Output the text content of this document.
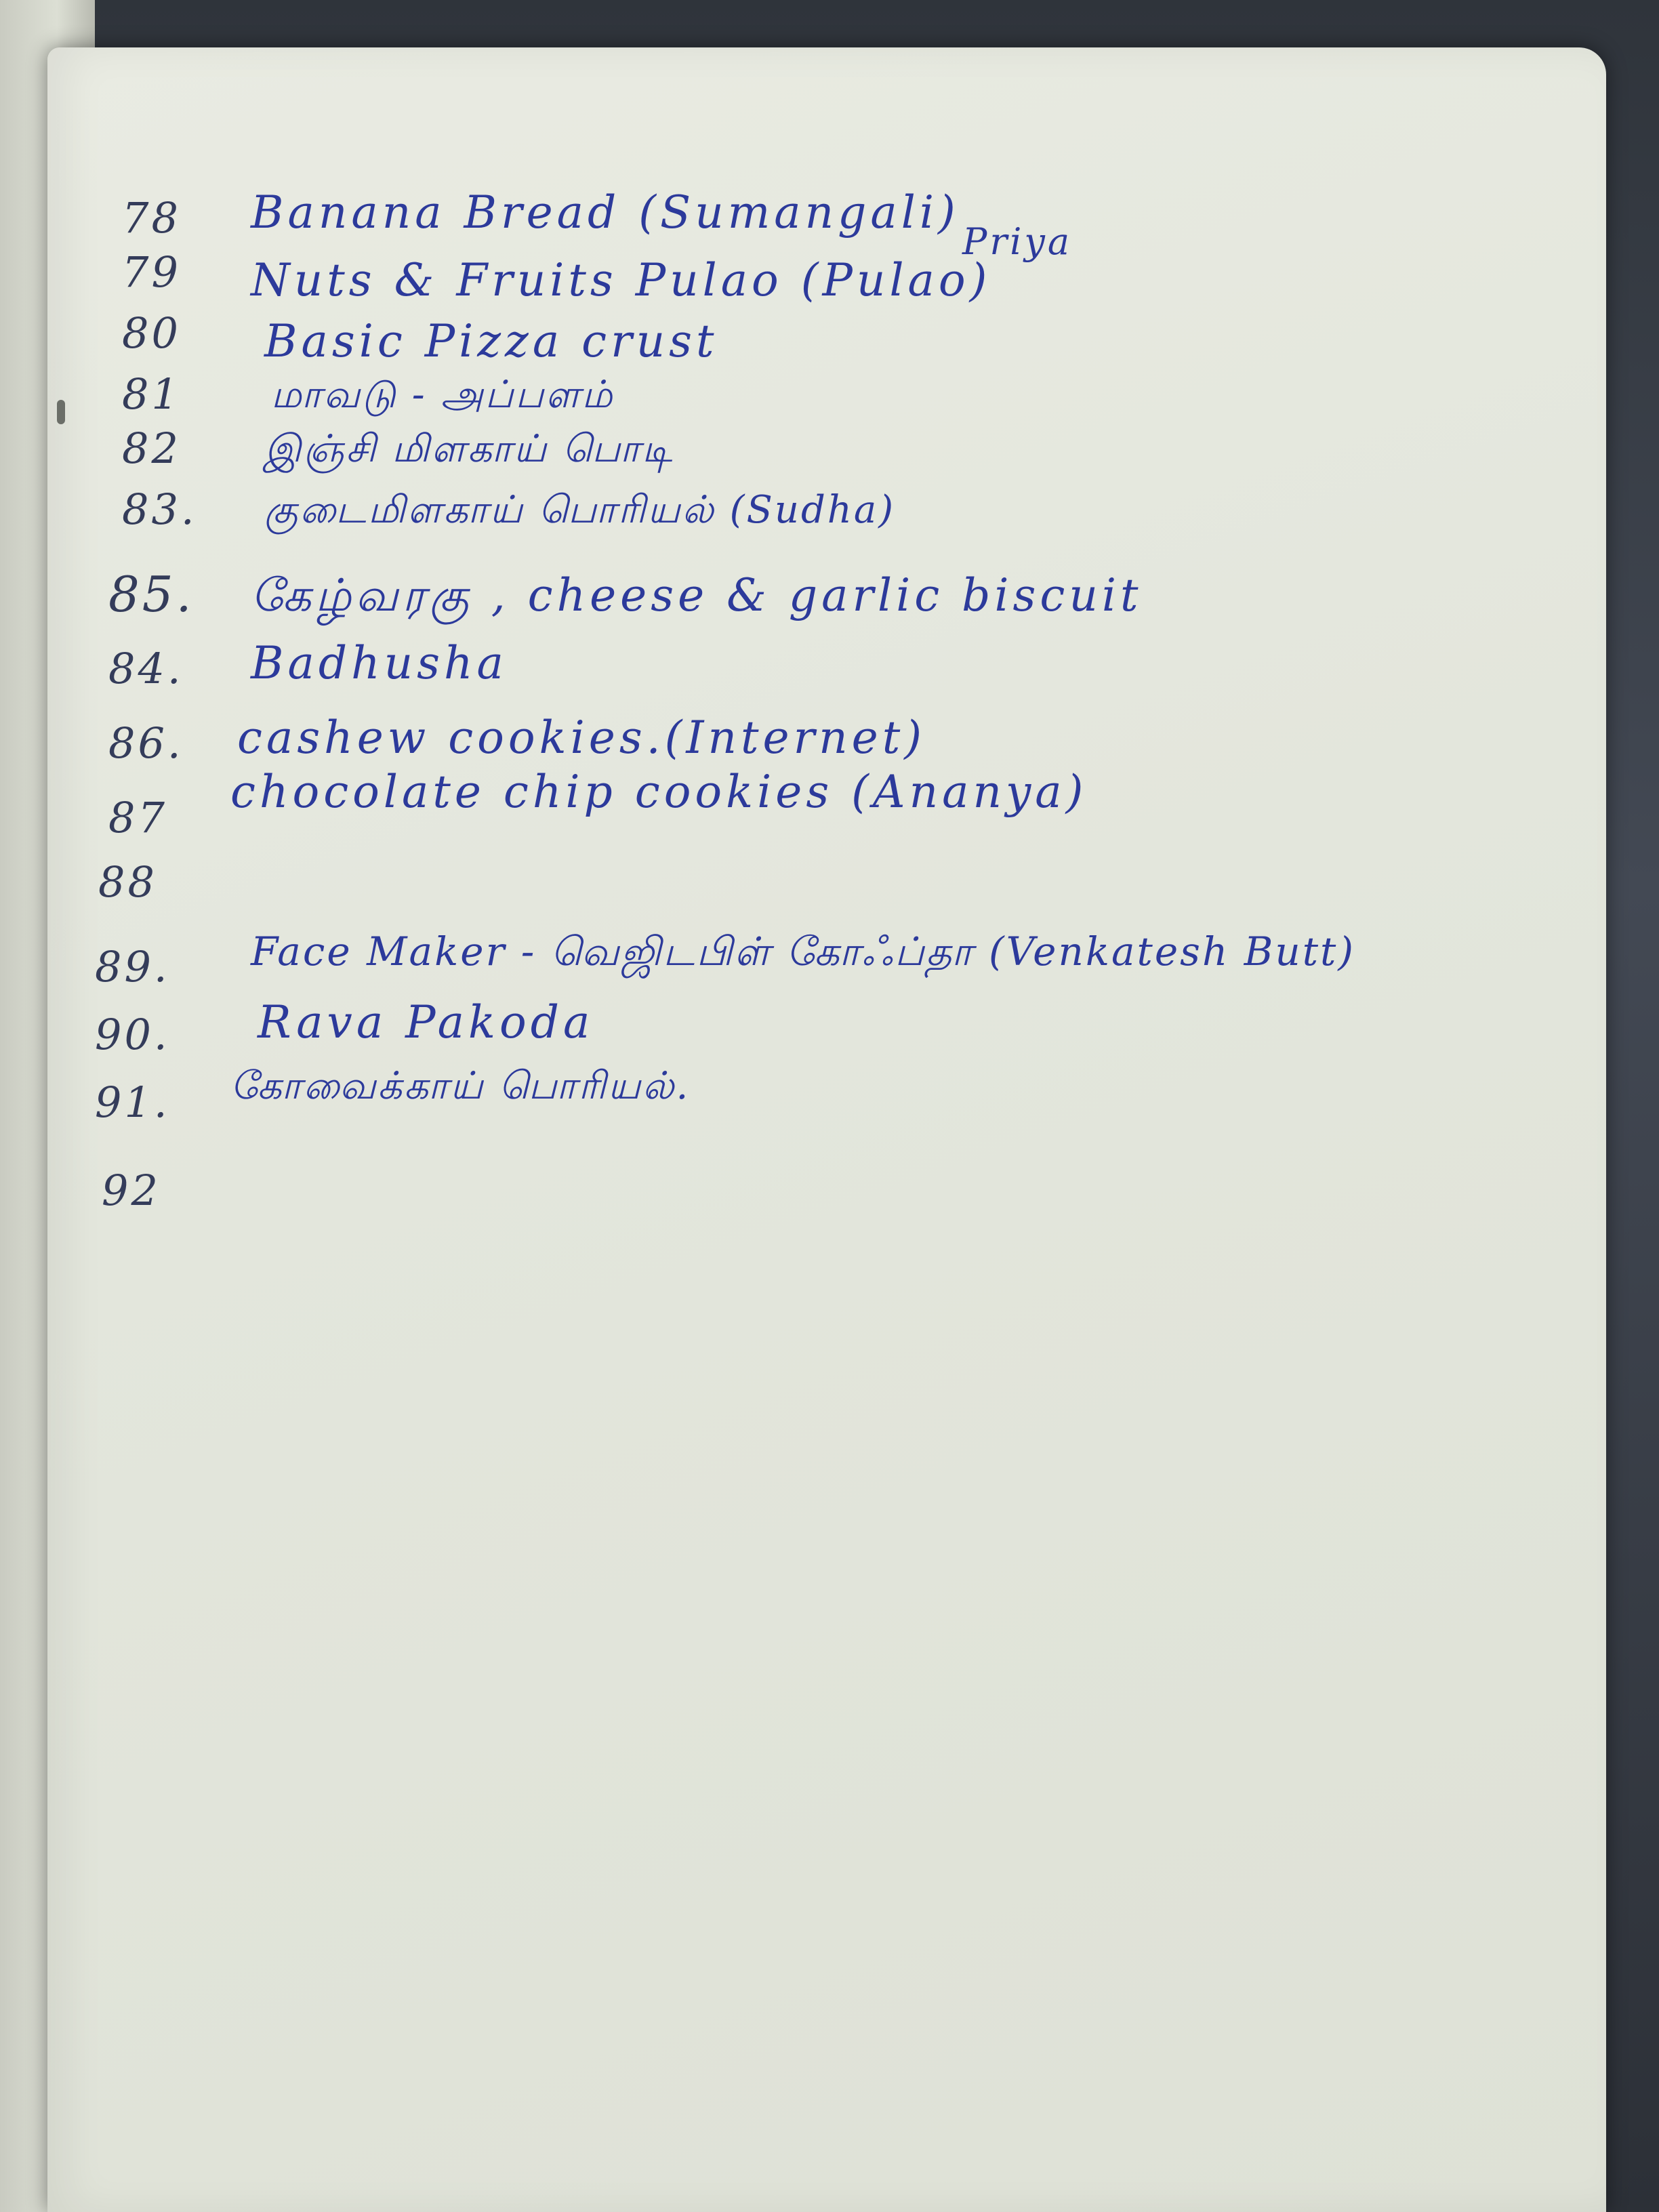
78 Banana Bread (Sumangali)
Priya
79 Nuts & Fruits Pulao (Pulao)
80 Basic Pizza crust
81 மாவடு - அப்பளம்
82 இஞ்சி மிளகாய் பொடி
83. குடைமிளகாய் பொரியல் (Sudha)
85. கேழ்வரகு , cheese & garlic biscuit
84. Badhusha
86. cashew cookies.(Internet)
87 chocolate chip cookies (Ananya)
88
89. Face Maker - வெஜிடபிள் கோஃப்தா (Venkatesh Butt)
90. Rava Pakoda
91. கோவைக்காய் பொரியல்.
92
